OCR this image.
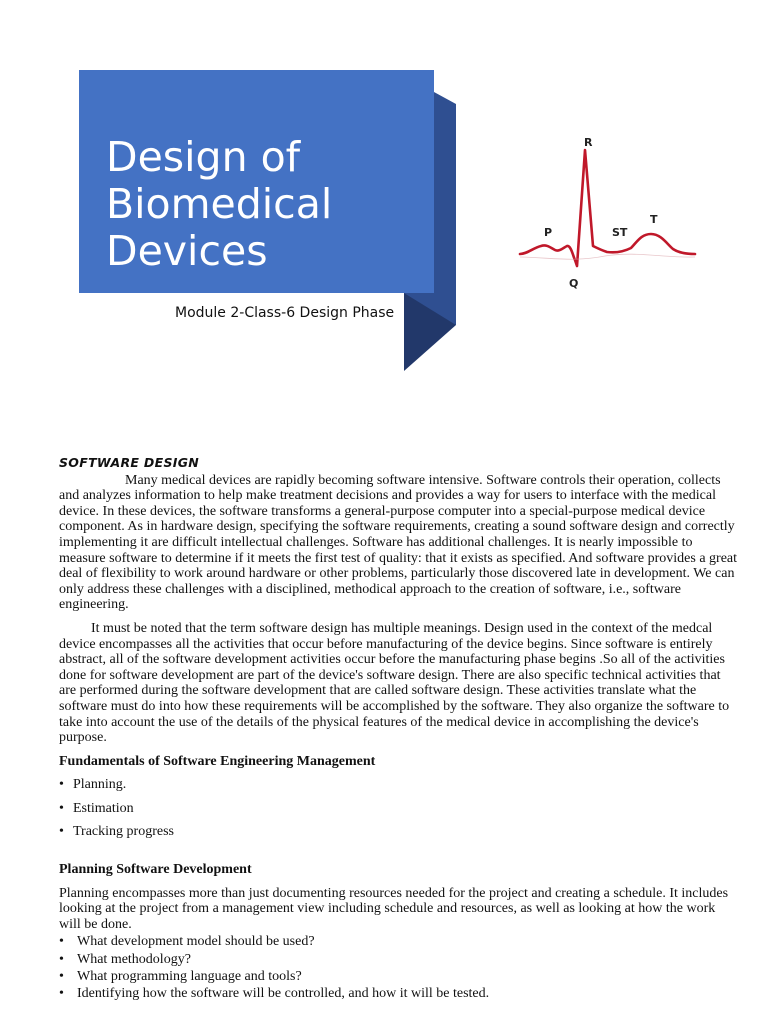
Design of Biomedical Devices
Module 2-Class-6 Design Phase
R
P	ST
T
Q
SOFTWARE DESIGN

Many medical devices are rapidly becoming software intensive. Software controls their operation, collects and analyzes information to help make treatment decisions and provides a way for users to interface with the medical device. In these devices, the software transforms a general-purpose computer into a special-purpose medical device component. As in hardware design, specifying the software requirements, creating a sound software design and correctly implementing it are difficult intellectual challenges. Software has additional challenges. It is nearly impossible to measure software to determine if it meets the first test of quality: that it exists as specified. And software provides a great deal of flexibility to work around hardware or other problems, particularly those discovered late in development. We can only address these challenges with a disciplined, methodical approach to the creation of software, i.e., software engineering.

It must be noted that the term software design has multiple meanings. Design used in the context of the medcal device encompasses all the activities that occur before manufacturing of the device begins. Since software is entirely abstract, all of the software development activities occur before the manufacturing phase begins .So all of the activities done for software development are part of the device's software design. There are also specific technical activities that are performed during the software development that are called software design. These activities translate what the software must do into how these requirements will be accomplished by the software. They also organize the software to take into account the use of the details of the physical features of the medical device in accomplishing the device's purpose.

Fundamentals of Software Engineering Management
• Planning.
• Estimation
• Tracking progress
Planning Software Development

Planning encompasses more than just documenting resources needed for the project and creating a schedule. It includes looking at the project from a management view including schedule and resources, as well as looking at how the work will be done.

• What development model should be used?
• What methodology?
• What programming language and tools?
• Identifying how the software will be controlled, and how it will be tested.
